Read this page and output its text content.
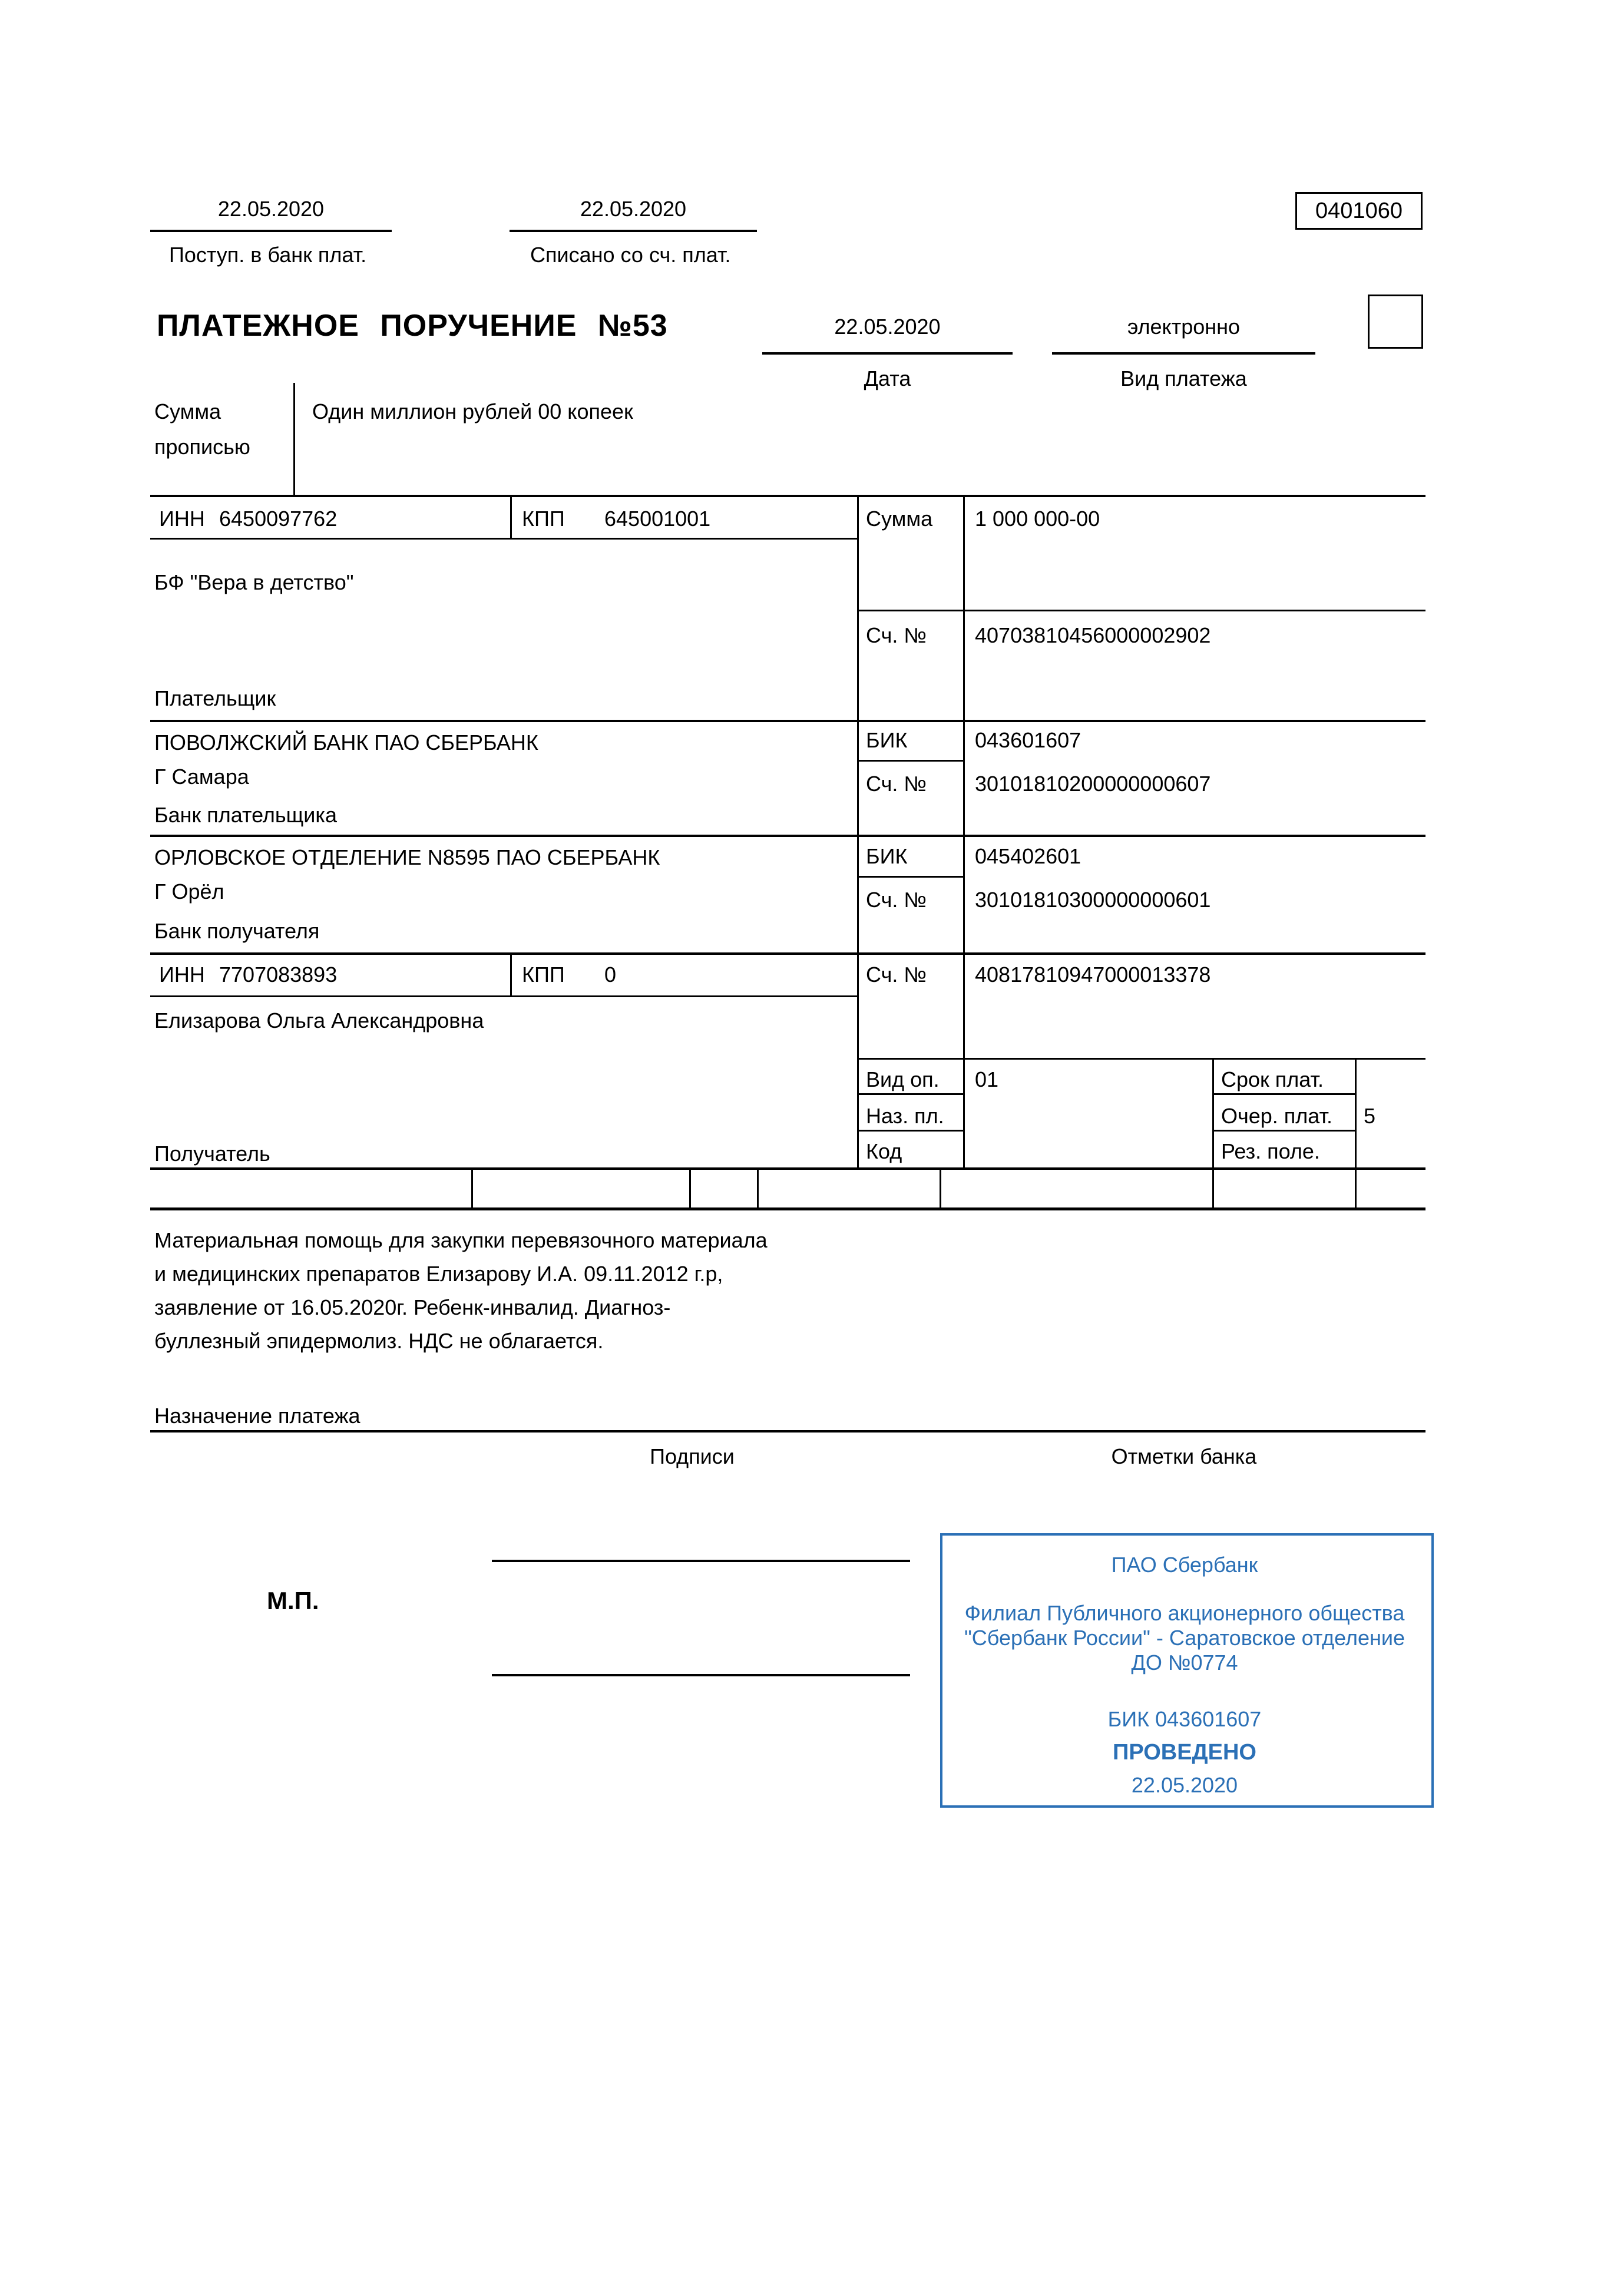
22.05.2020
Поступ. в банк плат.
22.05.2020
Списано со сч. плат.
0401060
ПЛАТЕЖНОЕ ПОРУЧЕНИЕ №53	22.05.2020
Дата
электронно
Вид платежа
Сумма
прописью
Один миллион рублей 00 копеек
ИНН 6450097762	КПП 645001001	Сумма 1 000 000-00
БФ "Вера в детство"
Сч. № 40703810456000002902
Плательщик
ПОВОЛЖСКИЙ БАНК ПАО СБЕРБАНК
Г Самара
БИК	043601607
Сч. № 30101810200000000607
Банк плательщика
ОРЛОВСКОЕ ОТДЕЛЕНИЕ N8595 ПАО СБЕРБАНК
Г Орёл
БИК	045402601
Сч. № 30101810300000000601
Банк получателя
ИНН 7707083893	КПП 0	Сч. № 40817810947000013378
Елизарова Ольга Александровна
Вид оп. 01	Срок плат.
Наз. пл.	Очер. плат. 5
Код	Рез. поле.
Получатель
Материальная помощь для закупки перевязочного материала
и медицинских препаратов Елизарову И.А. 09.11.2012 г.р,
заявление от 16.05.2020г. Ребенк-инвалид. Диагноз-
буллезный эпидермолиз. НДС не облагается.
Назначение платежа
Подписи	Отметки банка
М.П.
ПАО Сбербанк
Филиал Публичного акционерного общества
"Сбербанк России" - Саратовское отделение
ДО №0774
БИК 043601607
ПРОВЕДЕНО
22.05.2020
